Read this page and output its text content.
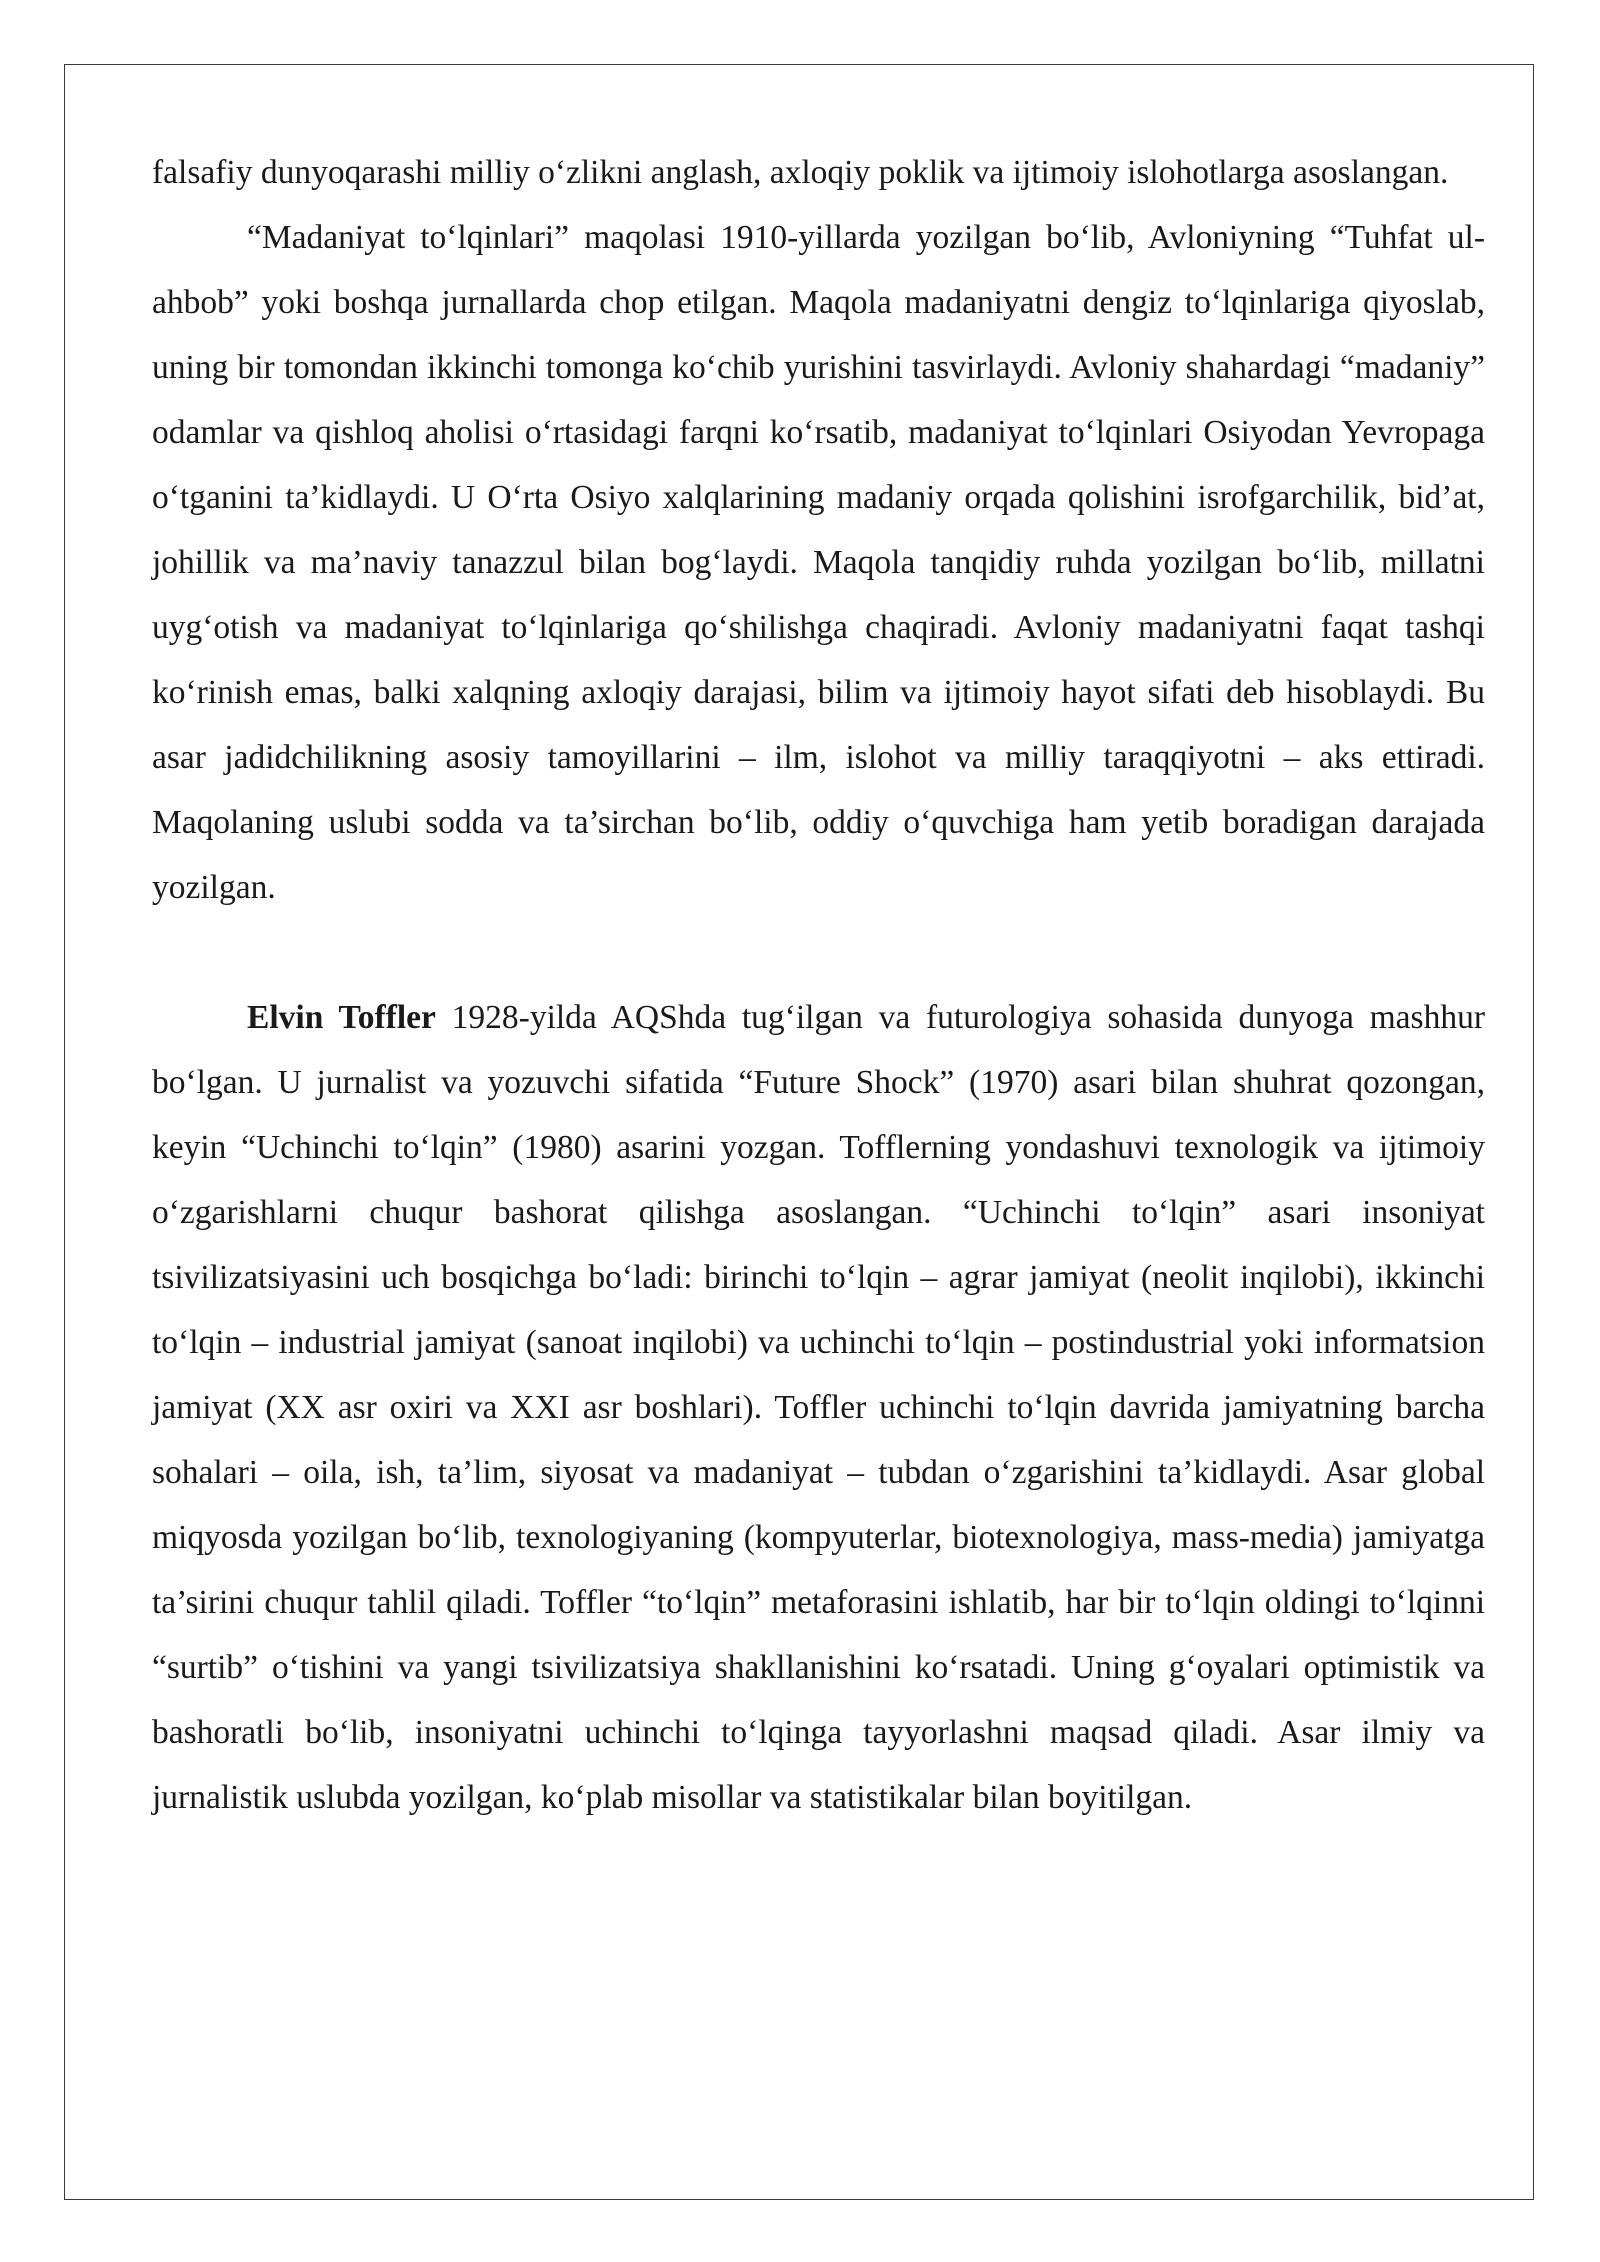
falsafiy dunyoqarashi milliy o‘zlikni anglash, axloqiy poklik va ijtimoiy islohotlarga asoslangan.

“Madaniyat to‘lqinlari” maqolasi 1910-yillarda yozilgan bo‘lib, Avloniyning “Tuhfat ul-ahbob” yoki boshqa jurnallarda chop etilgan. Maqola madaniyatni dengiz to‘lqinlariga qiyoslab, uning bir tomondan ikkinchi tomonga ko‘chib yurishini tasvirlaydi. Avloniy shahardagi “madaniy” odamlar va qishloq aholisi o‘rtasidagi farqni ko‘rsatib, madaniyat to‘lqinlari Osiyodan Yevropaga o‘tganini ta’kidlaydi. U O‘rta Osiyo xalqlarining madaniy orqada qolishini isrofgarchilik, bid’at, johillik va ma’naviy tanazzul bilan bog‘laydi. Maqola tanqidiy ruhda yozilgan bo‘lib, millatni uyg‘otish va madaniyat to‘lqinlariga qo‘shilishga chaqiradi. Avloniy madaniyatni faqat tashqi ko‘rinish emas, balki xalqning axloqiy darajasi, bilim va ijtimoiy hayot sifati deb hisoblaydi. Bu asar jadidchilikning asosiy tamoyillarini – ilm, islohot va milliy taraqqiyotni – aks ettiradi. Maqolaning uslubi sodda va ta’sirchan bo‘lib, oddiy o‘quvchiga ham yetib boradigan darajada yozilgan.

Elvin Toffler 1928-yilda AQShda tug‘ilgan va futurologiya sohasida dunyoga mashhur bo‘lgan. U jurnalist va yozuvchi sifatida “Future Shock” (1970) asari bilan shuhrat qozongan, keyin “Uchinchi to‘lqin” (1980) asarini yozgan. Tofflerning yondashuvi texnologik va ijtimoiy o‘zgarishlarni chuqur bashorat qilishga asoslangan. “Uchinchi to‘lqin” asari insoniyat tsivilizatsiyasini uch bosqichga bo‘ladi: birinchi to‘lqin – agrar jamiyat (neolit inqilobi), ikkinchi to‘lqin – industrial jamiyat (sanoat inqilobi) va uchinchi to‘lqin – postindustrial yoki informatsion jamiyat (XX asr oxiri va XXI asr boshlari). Toffler uchinchi to‘lqin davrida jamiyatning barcha sohalari – oila, ish, ta’lim, siyosat va madaniyat – tubdan o‘zgarishini ta’kidlaydi. Asar global miqyosda yozilgan bo‘lib, texnologiyaning (kompyuterlar, biotexnologiya, mass-media) jamiyatga ta’sirini chuqur tahlil qiladi. Toffler “to‘lqin” metaforasini ishlatib, har bir to‘lqin oldingi to‘lqinni “surtib” o‘tishini va yangi tsivilizatsiya shakllanishini ko‘rsatadi. Uning g‘oyalari optimistik va bashoratli bo‘lib, insoniyatni uchinchi to‘lqinga tayyorlashni maqsad qiladi. Asar ilmiy va jurnalistik uslubda yozilgan, ko‘plab misollar va statistikalar bilan boyitilgan.
